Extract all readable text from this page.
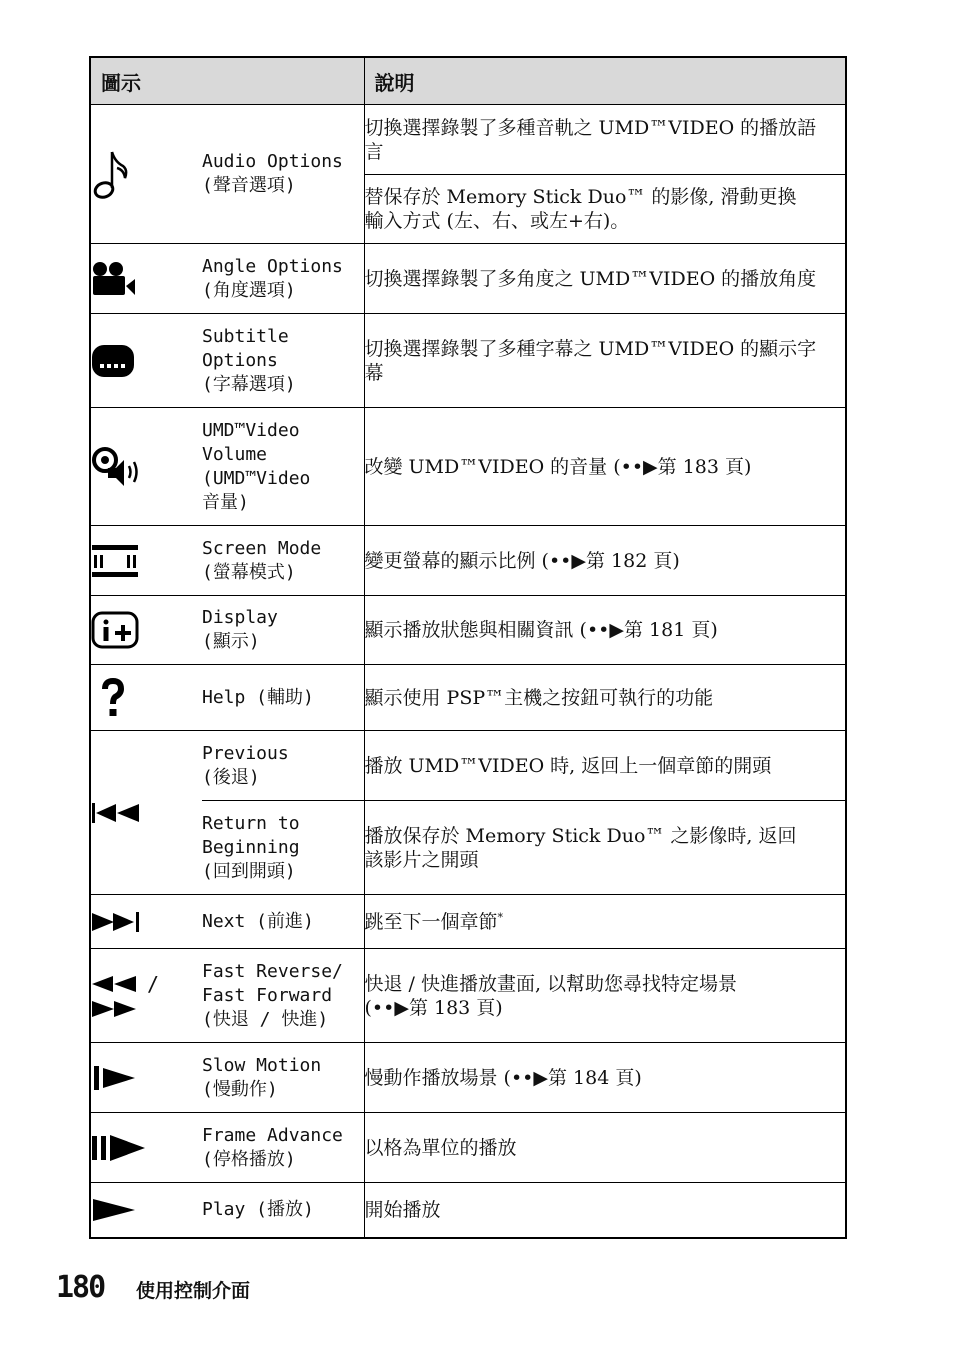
圖示		說明

	Audio Options
(聲音選項)	切換選擇錄製了多種音軌之 UMD™VIDEO 的播放語
言
		替保存於 Memory Stick Duo™ 的影像, 滑動更換
輸入方式 (左、右、或左+右)。

	Angle Options
(角度選項)	切換選擇錄製了多角度之 UMD™VIDEO 的播放角度

	Subtitle
Options
(字幕選項)	切換選擇錄製了多種字幕之 UMD™VIDEO 的顯示字
幕

	UMD™Video
Volume
(UMD™Video
音量)	改變 UMD™VIDEO 的音量 (••▶第 183 頁)

	Screen Mode
(螢幕模式)	變更螢幕的顯示比例 (••▶第 182 頁)

	Display
(顯示)	顯示播放狀態與相關資訊 (••▶第 181 頁)

	Help (輔助)	顯示使用 PSP™主機之按鈕可執行的功能

	Previous
(後退)	播放 UMD™VIDEO 時, 返回上一個章節的開頭
	Return to
Beginning
(回到開頭)	播放保存於 Memory Stick Duo™ 之影像時, 返回
該影片之開頭

	Next (前進)	跳至下一個章節*

/	Fast Reverse/
Fast Forward
(快退 / 快進)	快退 / 快進播放畫面, 以幫助您尋找特定場景
(••▶第 183 頁)

	Slow Motion
(慢動作)	慢動作播放場景 (••▶第 184 頁)

	Frame Advance
(停格播放)	以格為單位的播放

	Play (播放)	開始播放
180 使用控制介面
